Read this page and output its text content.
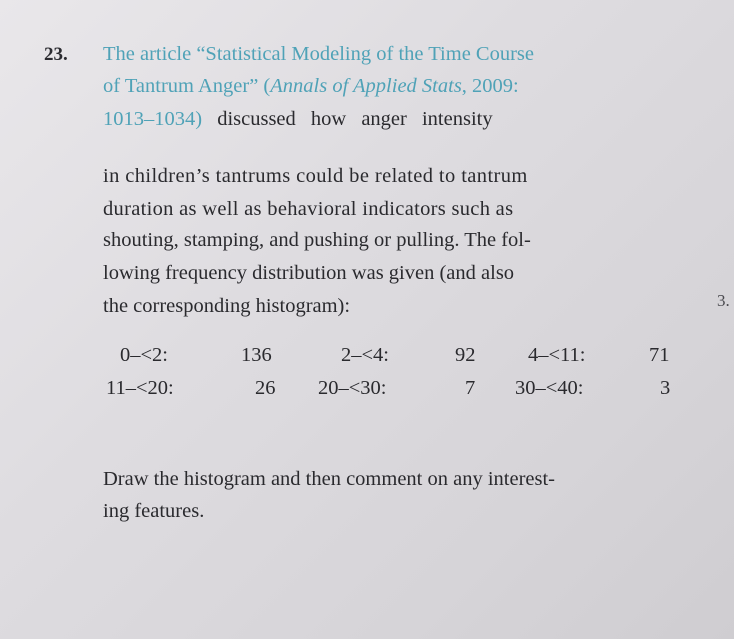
23. The article “Statistical Modeling of the Time Course
of Tantrum Anger” (Annals of Applied Stats, 2009:
1013–1034) discussed how anger intensity
in children’s tantrums could be related to tantrum
duration as well as behavioral indicators such as
shouting, stamping, and pushing or pulling. The fol-
lowing frequency distribution was given (and also
the corresponding histogram):
0–<2:	136	2–<4:	92	4–<11:	71
11–<20:	26 20–<30:	7 30–<40:	3
Draw the histogram and then comment on any interest-
ing features.
3.
